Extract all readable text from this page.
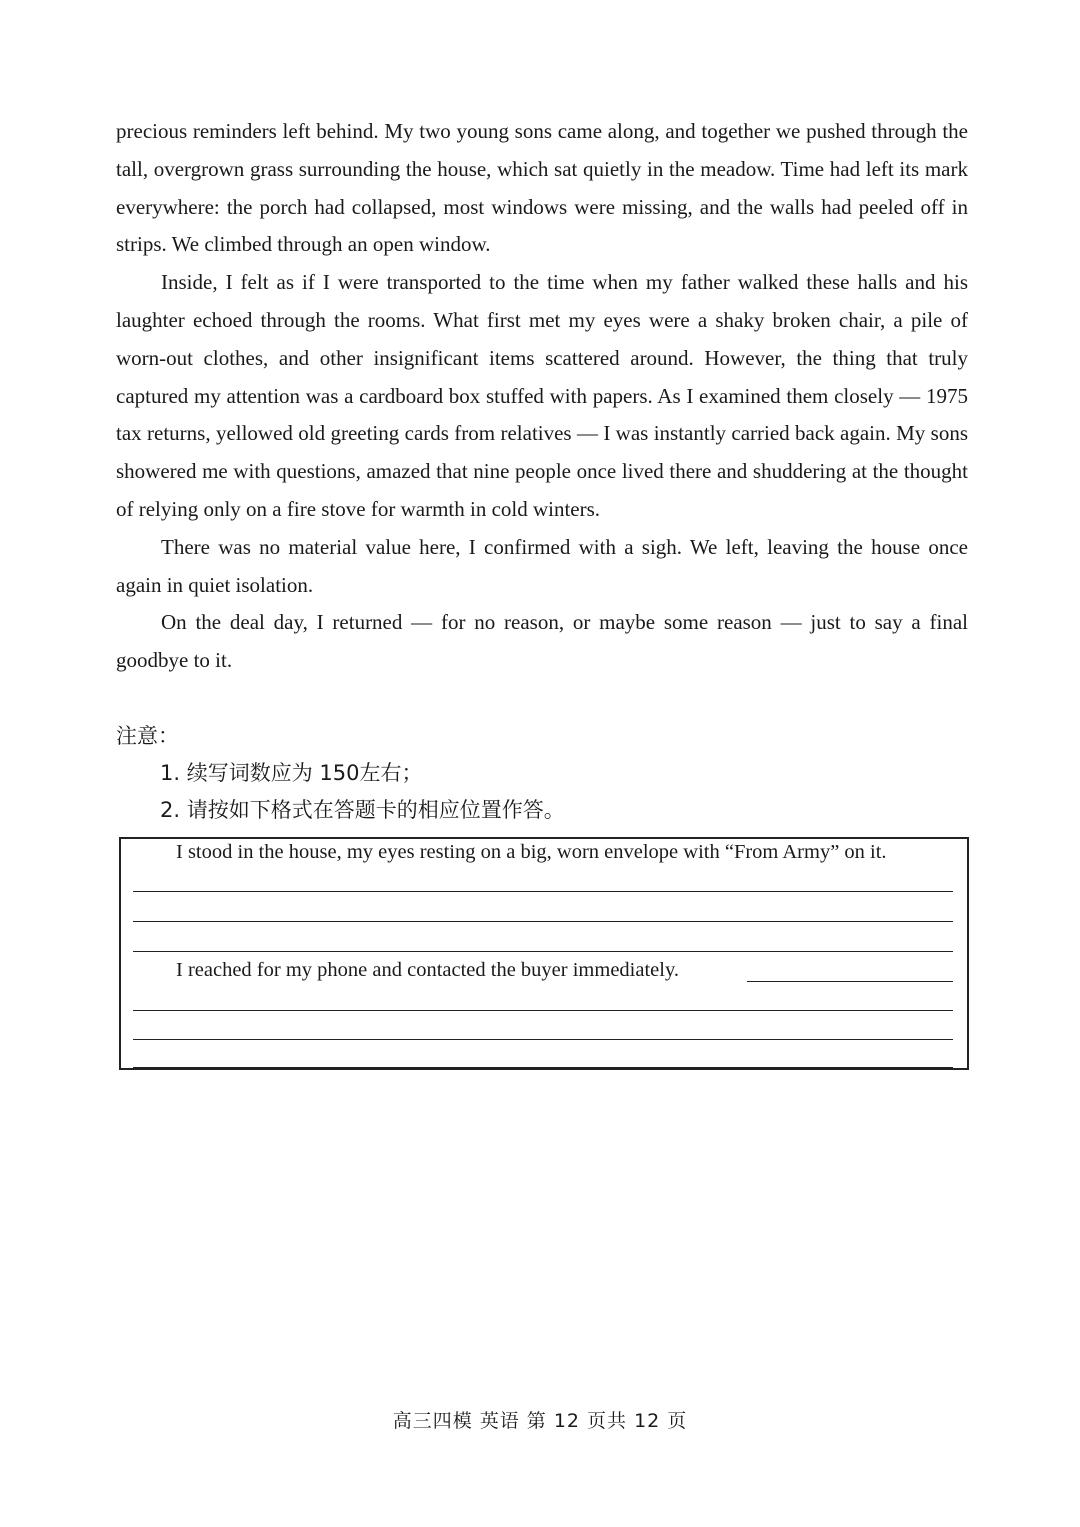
precious reminders left behind. My two young sons came along, and together we pushed through the tall, overgrown grass surrounding the house, which sat quietly in the meadow. Time had left its mark everywhere: the porch had collapsed, most windows were missing, and the walls had peeled off in strips. We climbed through an open window.

Inside, I felt as if I were transported to the time when my father walked these halls and his laughter echoed through the rooms. What first met my eyes were a shaky broken chair, a pile of worn-out clothes, and other insignificant items scattered around. However, the thing that truly captured my attention was a cardboard box stuffed with papers. As I examined them closely — 1975 tax returns, yellowed old greeting cards from relatives — I was instantly carried back again. My sons showered me with questions, amazed that nine people once lived there and shuddering at the thought of relying only on a fire stove for warmth in cold winters.

There was no material value here, I confirmed with a sigh. We left, leaving the house once again in quiet isolation.

On the deal day, I returned — for no reason, or maybe some reason — just to say a final goodbye to it.

注意：

1. 续写词数应为 150左右；

2. 请按如下格式在答题卡的相应位置作答。

I stood in the house, my eyes resting on a big, worn envelope with “From Army” on it.
I reached for my phone and contacted the buyer immediately.
高三四模 英语 第 12 页共 12 页
